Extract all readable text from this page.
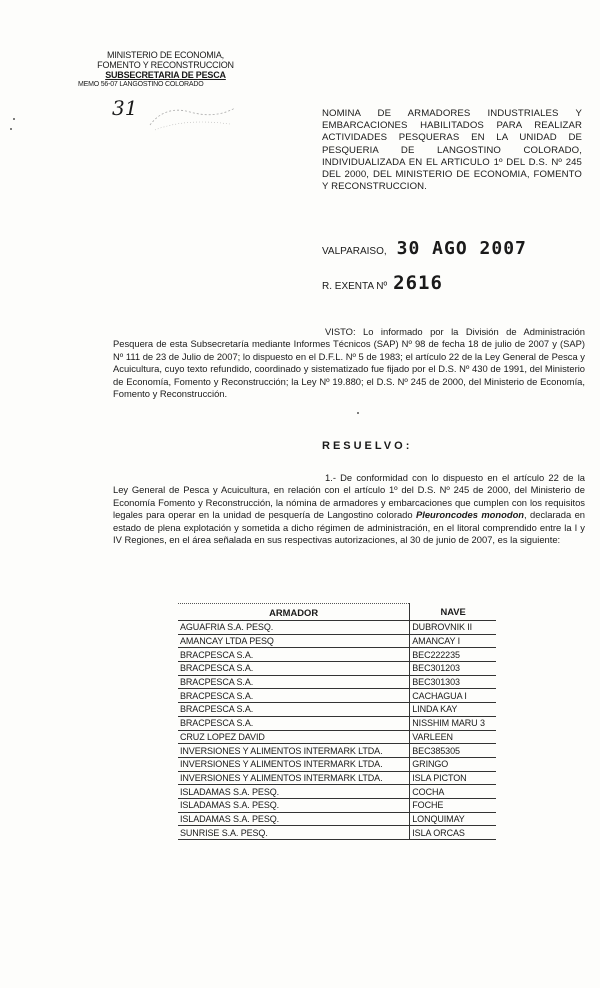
MINISTERIO DE ECONOMIA,
FOMENTO Y RECONSTRUCCION
SUBSECRETARIA DE PESCA
MEMO 56-07 LANGOSTINO COLORADO
31	NOMINA DE ARMADORES INDUSTRIALES Y EMBARCACIONES HABILITADOS PARA REALIZAR ACTIVIDADES PESQUERAS EN LA UNIDAD DE PESQUERIA DE LANGOSTINO COLORADO, INDIVIDUALIZADA EN EL ARTICULO 1º DEL D.S. Nº 245 DEL 2000, DEL MINISTERIO DE ECONOMIA, FOMENTO Y RECONSTRUCCION.
VALPARAISO, 30 AGO 2007
R. EXENTA Nº 2616
VISTO: Lo informado por la División de Administración Pesquera de esta Subsecretaría mediante Informes Técnicos (SAP) Nº 98 de fecha 18 de julio de 2007 y (SAP) Nº 111 de 23 de Julio de 2007; lo dispuesto en el D.F.L. Nº 5 de 1983; el artículo 22 de la Ley General de Pesca y Acuicultura, cuyo texto refundido, coordinado y sistematizado fue fijado por el D.S. Nº 430 de 1991, del Ministerio de Economía, Fomento y Reconstrucción; la Ley Nº 19.880; el D.S. Nº 245 de 2000, del Ministerio de Economía, Fomento y Reconstrucción.
RESUELVO:
1.- De conformidad con lo dispuesto en el artículo 22 de la Ley General de Pesca y Acuicultura, en relación con el artículo 1º del D.S. Nº 245 de 2000, del Ministerio de Economía Fomento y Reconstrucción, la nómina de armadores y embarcaciones que cumplen con los requisitos legales para operar en la unidad de pesquería de Langostino colorado Pleuroncodes monodon, declarada en estado de plena explotación y sometida a dicho régimen de administración, en el litoral comprendido entre la I y IV Regiones, en el área señalada en sus respectivas autorizaciones, al 30 de junio de 2007, es la siguiente:
ARMADOR	NAVE
AGUAFRIA S.A. PESQ.	DUBROVNIK II
AMANCAY LTDA PESQ	AMANCAY I
BRACPESCA S.A.	BEC222235
BRACPESCA S.A.	BEC301203
BRACPESCA S.A.	BEC301303
BRACPESCA S.A.	CACHAGUA I
BRACPESCA S.A.	LINDA KAY
BRACPESCA S.A.	NISSHIM MARU 3
CRUZ LOPEZ DAVID	VARLEEN
INVERSIONES Y ALIMENTOS INTERMARK LTDA.	BEC385305
INVERSIONES Y ALIMENTOS INTERMARK LTDA.	GRINGO
INVERSIONES Y ALIMENTOS INTERMARK LTDA.	ISLA PICTON
ISLADAMAS S.A. PESQ.	COCHA
ISLADAMAS S.A. PESQ.	FOCHE
ISLADAMAS S.A. PESQ.	LONQUIMAY
SUNRISE S.A. PESQ.	ISLA ORCAS
